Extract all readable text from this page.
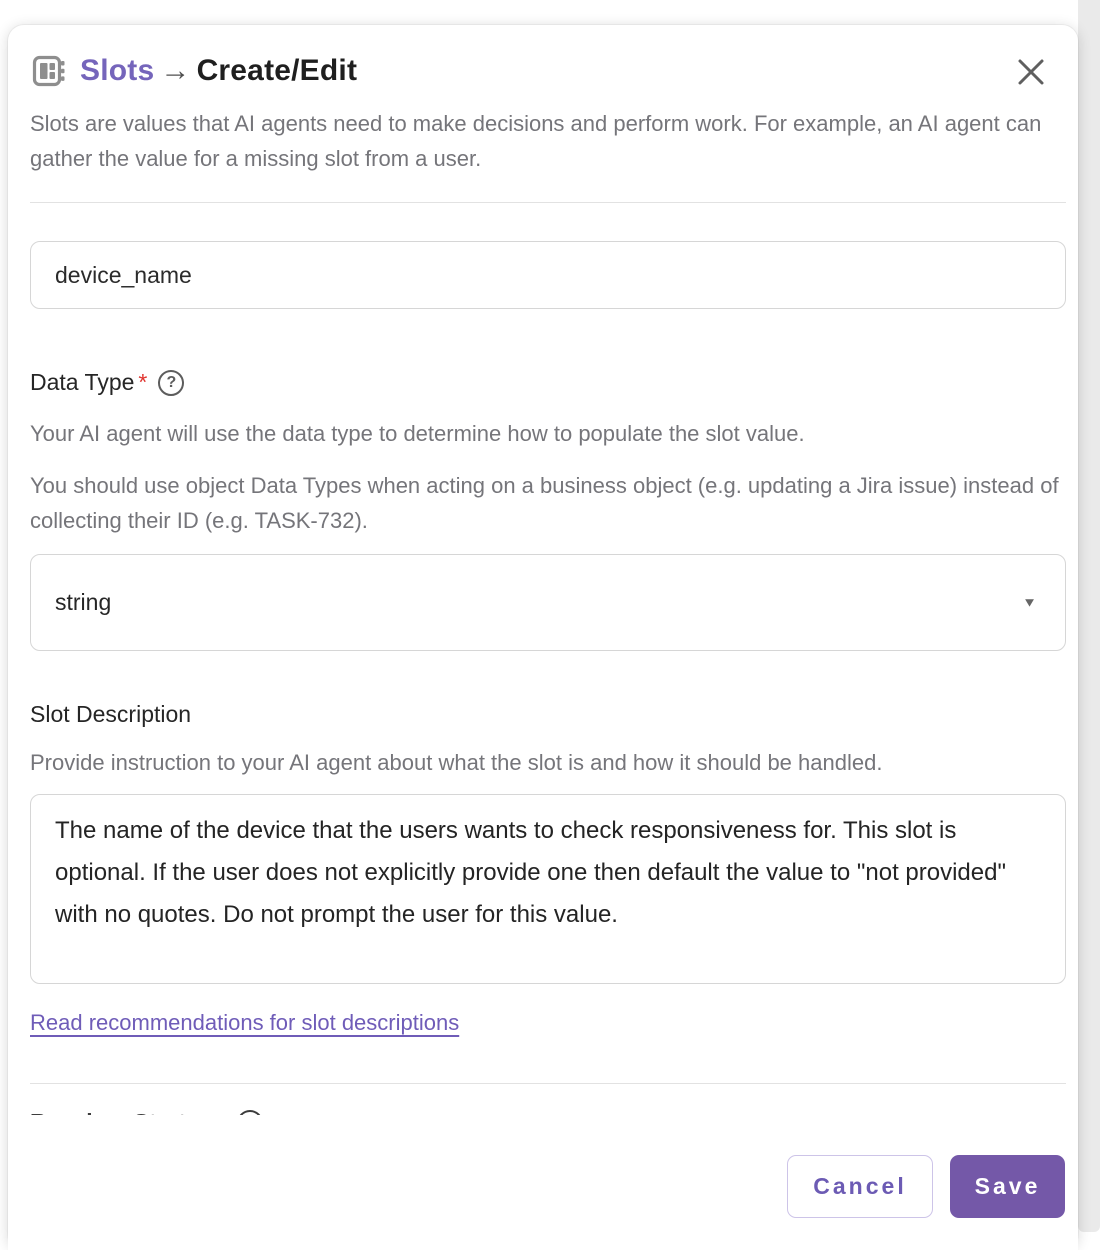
Slots → Create/Edit

Slots are values that AI agents need to make decisions and perform work. For example, an AI agent can gather the value for a missing slot from a user.

device_name
Data Type *	?

Your AI agent will use the data type to determine how to populate the slot value.

You should use object Data Types when acting on a business object (e.g. updating a Jira issue) instead of collecting their ID (e.g. TASK-732).

string	▼
Slot Description

Provide instruction to your AI agent about what the slot is and how it should be handled.

The name of the device that the users wants to check responsiveness for. This slot is optional. If the user does not explicitly provide one then default the value to "not provided" with no quotes. Do not prompt the user for this value. Read recommendations for slot descriptions
Cancel	Save
